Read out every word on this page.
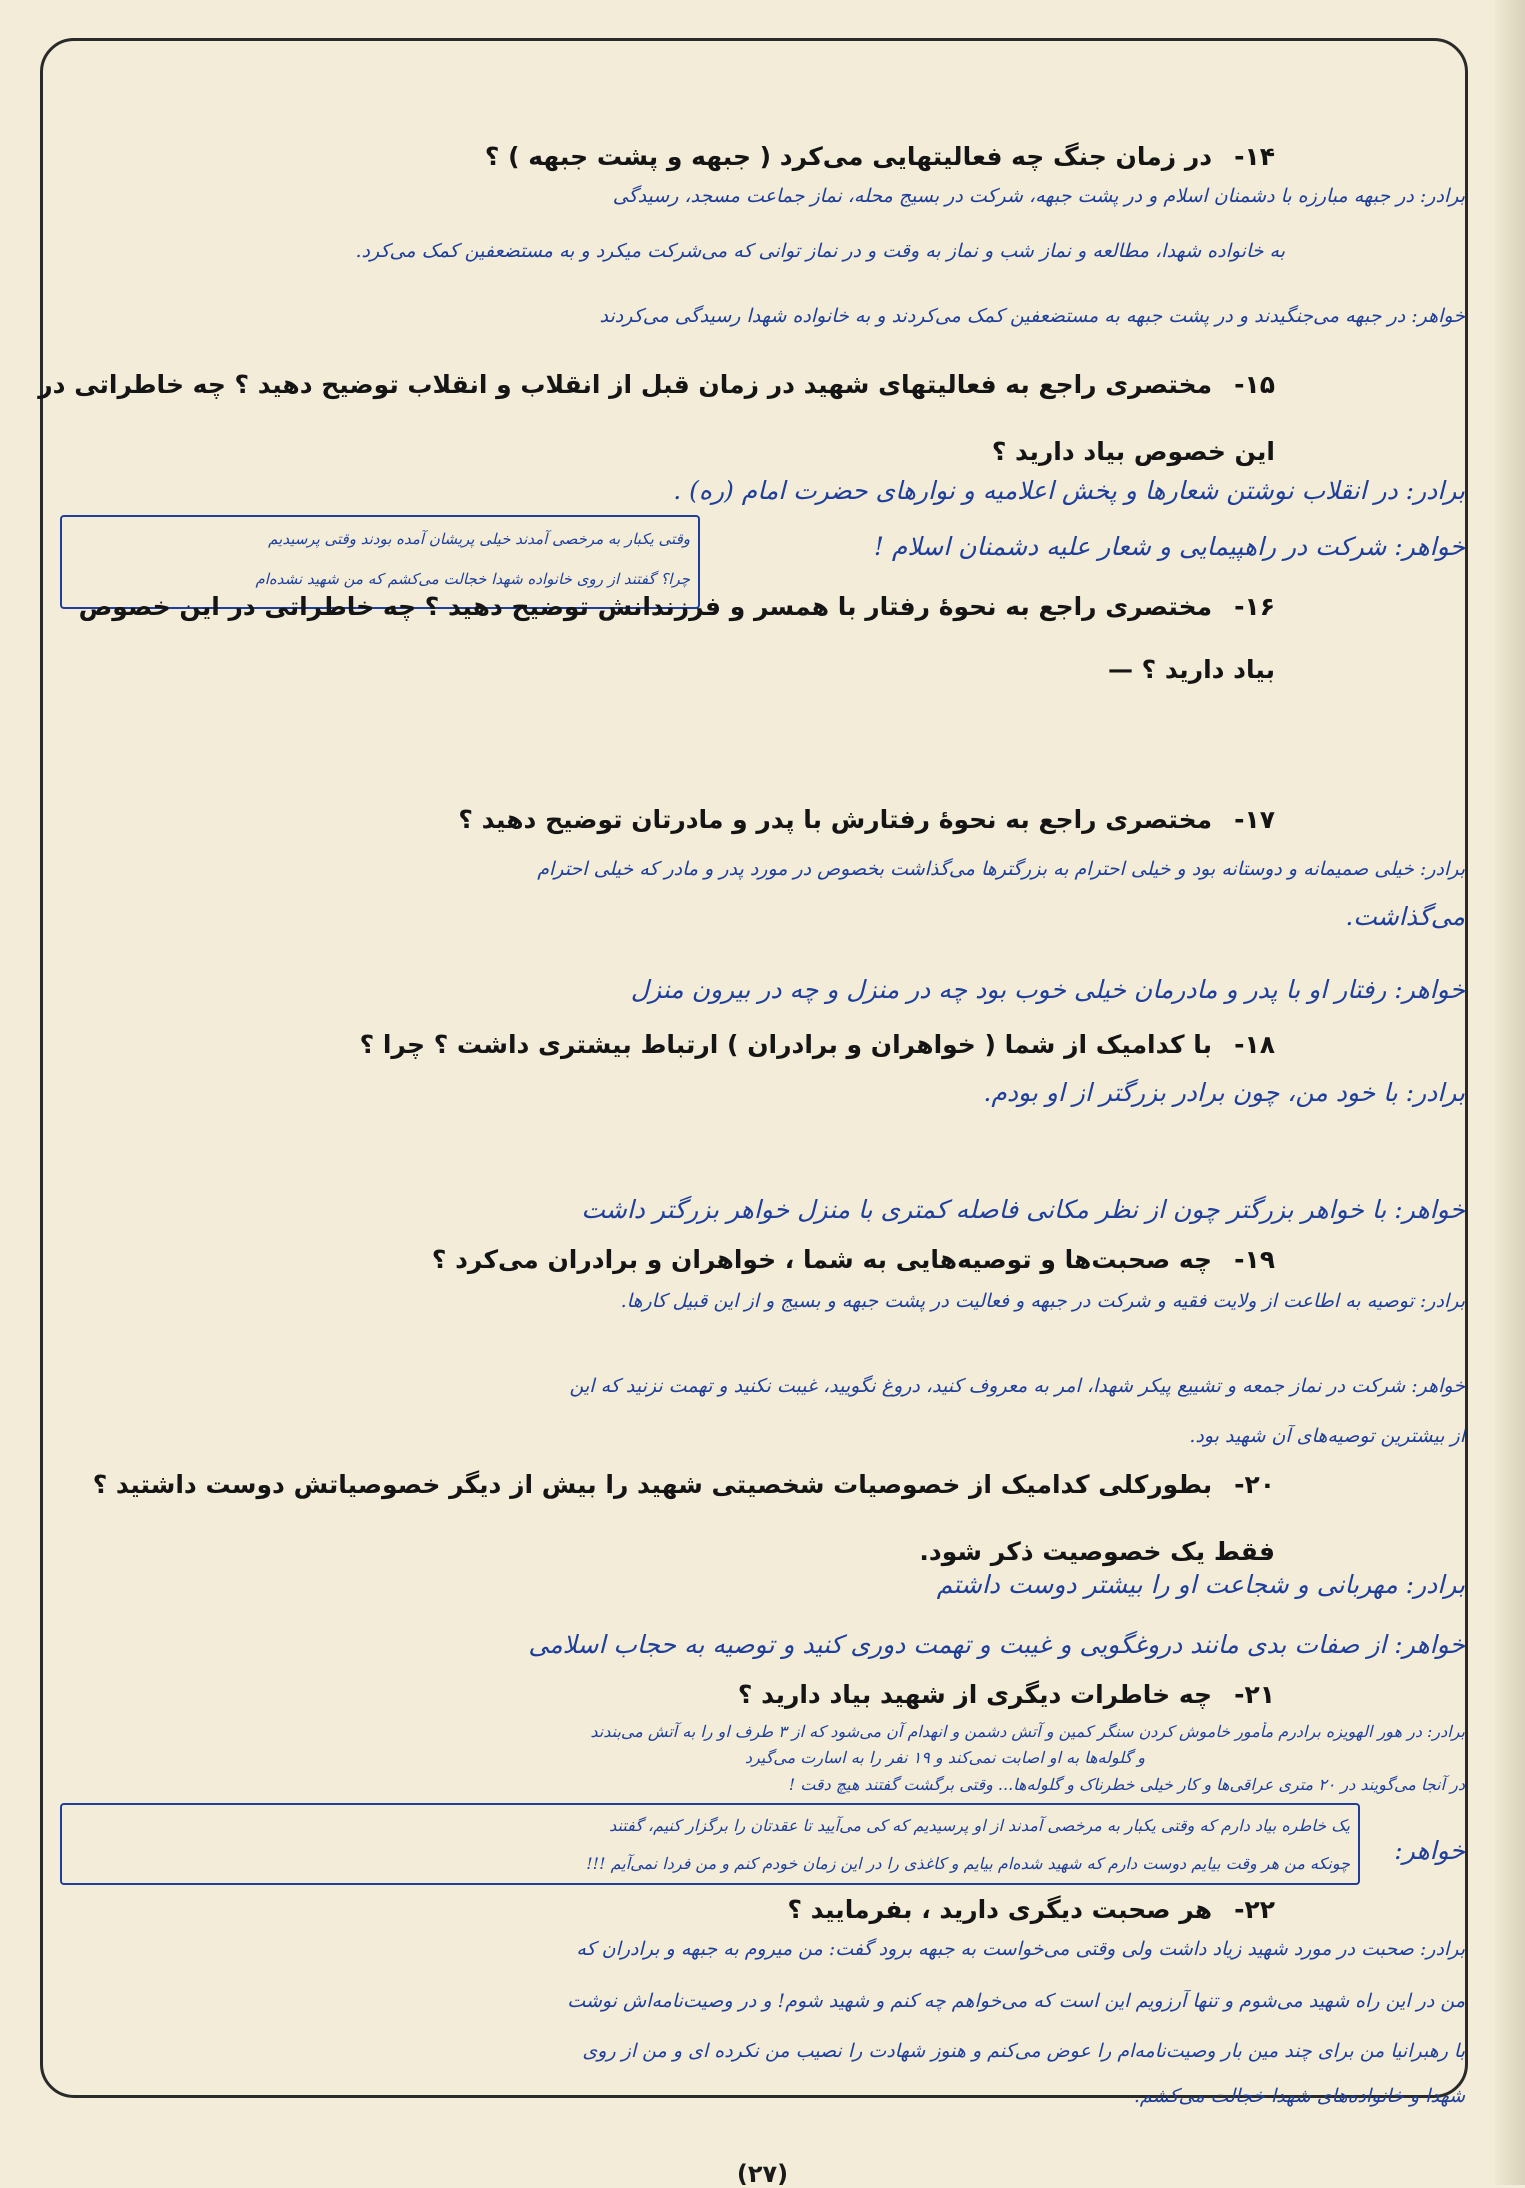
۱۴-در زمان جنگ چه فعالیتهایی می‌کرد ( جبهه و پشت جبهه ) ؟
برادر: در جبهه مبارزه با دشمنان اسلام و در پشت جبهه، شرکت در بسیج محله، نماز جماعت مسجد، رسیدگی
به خانواده شهدا، مطالعه و نماز شب و نماز به وقت و در نماز توانی که می‌شرکت میکرد و به مستضعفین کمک می‌کرد.
خواهر: در جبهه می‌جنگیدند و در پشت جبهه به مستضعفین کمک می‌کردند و به خانواده شهدا رسیدگی می‌کردند
۱۵-مختصری راجع به فعالیتهای شهید در زمان قبل از انقلاب و انقلاب توضیح دهید ؟ چه خاطراتی در
این خصوص بیاد دارید ؟
برادر: در انقلاب نوشتن شعارها و پخش اعلامیه و نوارهای حضرت امام (ره) .
خواهر: شرکت در راهپیمایی و شعار علیه دشمنان اسلام !
وقتی یکبار به مرخصی آمدند خیلی پریشان آمده بودند وقتی پرسیدیم
چرا؟ گفتند از روی خانواده شهدا خجالت می‌کشم که من شهید نشده‌ام
۱۶-مختصری راجع به نحوهٔ رفتار با همسر و فرزندانش توضیح دهید ؟ چه خاطراتی در این خصوص
بیاد دارید ؟ —
۱۷-مختصری راجع به نحوهٔ رفتارش با پدر و مادرتان توضیح دهید ؟
برادر: خیلی صمیمانه و دوستانه بود و خیلی احترام به بزرگترها می‌گذاشت بخصوص در مورد پدر و مادر که خیلی احترام
می‌گذاشت.
خواهر: رفتار او با پدر و مادرمان خیلی خوب بود چه در منزل و چه در بیرون منزل
۱۸-با کدامیک از شما ( خواهران و برادران ) ارتباط بیشتری داشت ؟ چرا ؟
برادر: با خود من، چون برادر بزرگتر از او بودم.
خواهر: با خواهر بزرگتر چون از نظر مکانی فاصله کمتری با منزل خواهر بزرگتر داشت
۱۹-چه صحبت‌ها و توصیه‌هایی به شما ، خواهران و برادران می‌کرد ؟
برادر: توصیه به اطاعت از ولایت فقیه و شرکت در جبهه و فعالیت در پشت جبهه و بسیج و از این قبیل کارها.
خواهر: شرکت در نماز جمعه و تشییع پیکر شهدا، امر به معروف کنید، دروغ نگویید، غیبت نکنید و تهمت نزنید که این
از بیشترین توصیه‌های آن شهید بود.
۲۰-بطورکلی کدامیک از خصوصیات شخصیتی شهید را بیش از دیگر خصوصیاتش دوست داشتید ؟
فقط یک خصوصیت ذکر شود.
برادر: مهربانی و شجاعت او را بیشتر دوست داشتم
خواهر: از صفات بدی مانند دروغگویی و غیبت و تهمت دوری کنید و توصیه به حجاب اسلامی
۲۱-چه خاطرات دیگری از شهید بیاد دارید ؟
برادر: در هور الهویزه برادرم مأمور خاموش کردن سنگر کمین و آتش دشمن و انهدام آن می‌شود که از ۳ طرف او را به آتش می‌بندند
و گلوله‌ها به او اصابت نمی‌کند و ۱۹ نفر را به اسارت می‌گیرد
در آنجا می‌گویند در ۲۰ متری عراقی‌ها و کار خیلی خطرناک و گلوله‌ها... وقتی برگشت گفتند هیچ دقت !
خواهر:
یک خاطره بیاد دارم که وقتی یکبار به مرخصی آمدند از او پرسیدیم که کی می‌آیید تا عقدتان را برگزار کنیم، گفتند
چونکه من هر وقت بیایم دوست دارم که شهید شده‌ام بیایم و کاغذی را در این زمان خودم کنم و من فردا نمی‌آیم !!!
۲۲-هر صحبت دیگری دارید ، بفرمایید ؟
برادر: صحبت در مورد شهید زیاد داشت ولی وقتی می‌خواست به جبهه برود گفت: من میروم به جبهه و برادران که
من در این راه شهید می‌شوم و تنها آرزویم این است که می‌خواهم چه کنم و شهید شوم! و در وصیت‌نامه‌اش نوشت
با رهبرانیا من برای چند مین بار وصیت‌نامه‌ام را عوض می‌کنم و هنوز شهادت را نصیب من نکرده ای و من از روی
شهدا و خانواده‌های شهدا خجالت می‌کشم.
(۲۷)
